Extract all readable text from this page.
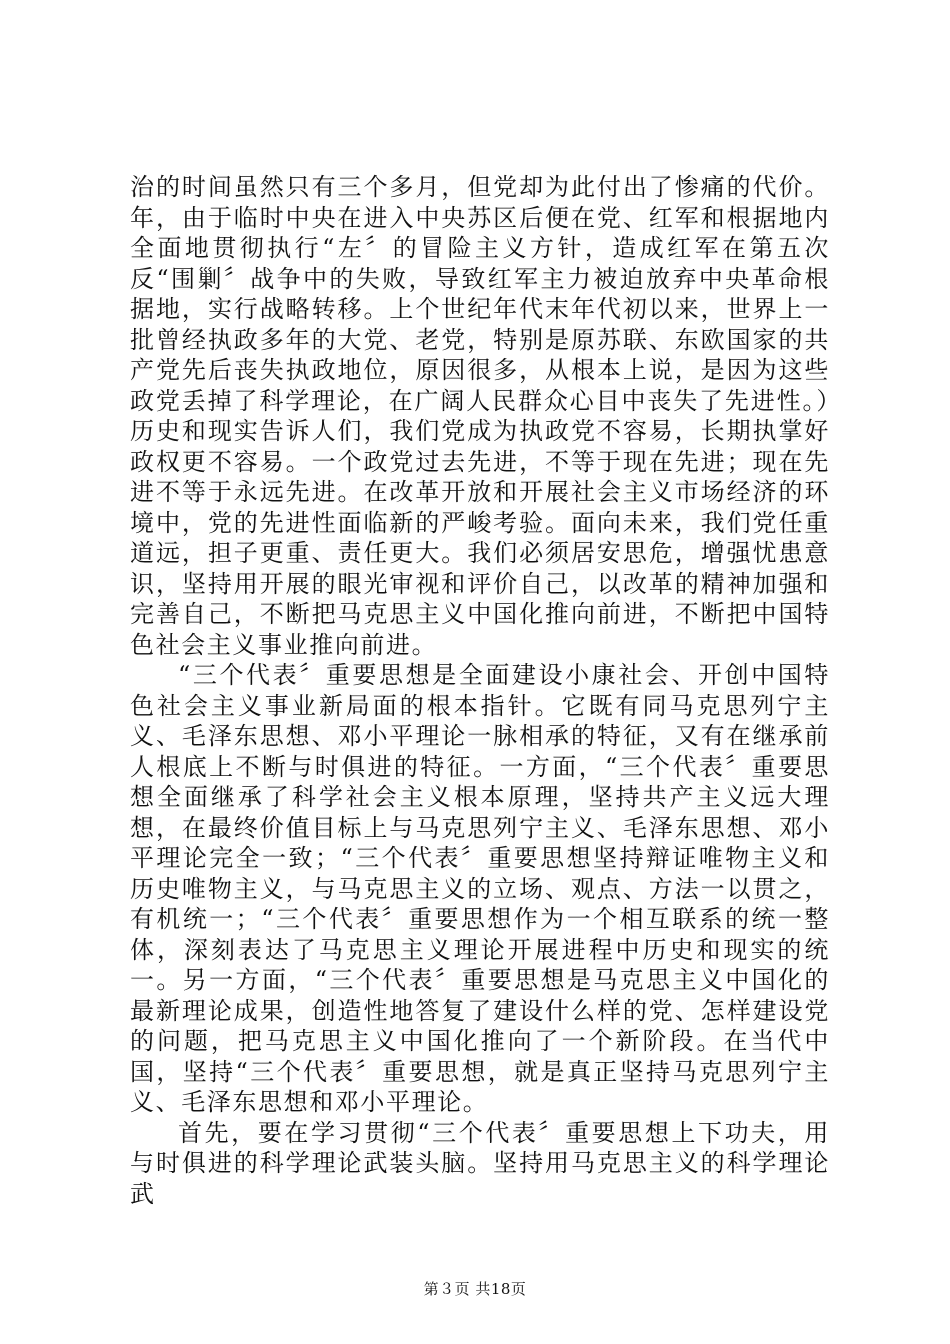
治的时间虽然只有三个多月，但党却为此付出了惨痛的代价。年，由于临时中央在进入中央苏区后便在党、红军和根据地内全面地贯彻执行“左〞的冒险主义方针，造成红军在第五次反“围剿〞战争中的失败，导致红军主力被迫放弃中央革命根据地，实行战略转移。上个世纪年代末年代初以来，世界上一批曾经执政多年的大党、老党，特别是原苏联、东欧国家的共产党先后丧失执政地位，原因很多，从根本上说，是因为这些政党丢掉了科学理论，在广阔人民群众心目中丧失了先进性。）历史和现实告诉人们，我们党成为执政党不容易，长期执掌好政权更不容易。一个政党过去先进，不等于现在先进；现在先进不等于永远先进。在改革开放和开展社会主义市场经济的环境中，党的先进性面临新的严峻考验。面向未来，我们党任重道远，担子更重、责任更大。我们必须居安思危，增强忧患意识，坚持用开展的眼光审视和评价自己，以改革的精神加强和完善自己，不断把马克思主义中国化推向前进，不断把中国特色社会主义事业推向前进。

“三个代表〞重要思想是全面建设小康社会、开创中国特色社会主义事业新局面的根本指针。它既有同马克思列宁主义、毛泽东思想、邓小平理论一脉相承的特征，又有在继承前人根底上不断与时俱进的特征。一方面，“三个代表〞重要思想全面继承了科学社会主义根本原理，坚持共产主义远大理想，在最终价值目标上与马克思列宁主义、毛泽东思想、邓小平理论完全一致；“三个代表〞重要思想坚持辩证唯物主义和历史唯物主义，与马克思主义的立场、观点、方法一以贯之，有机统一；“三个代表〞重要思想作为一个相互联系的统一整体，深刻表达了马克思主义理论开展进程中历史和现实的统一。另一方面，“三个代表〞重要思想是马克思主义中国化的最新理论成果，创造性地答复了建设什么样的党、怎样建设党的问题，把马克思主义中国化推向了一个新阶段。在当代中国，坚持“三个代表〞重要思想，就是真正坚持马克思列宁主义、毛泽东思想和邓小平理论。

首先，要在学习贯彻“三个代表〞重要思想上下功夫，用与时俱进的科学理论武装头脑。坚持用马克思主义的科学理论武

第３页 共18页
